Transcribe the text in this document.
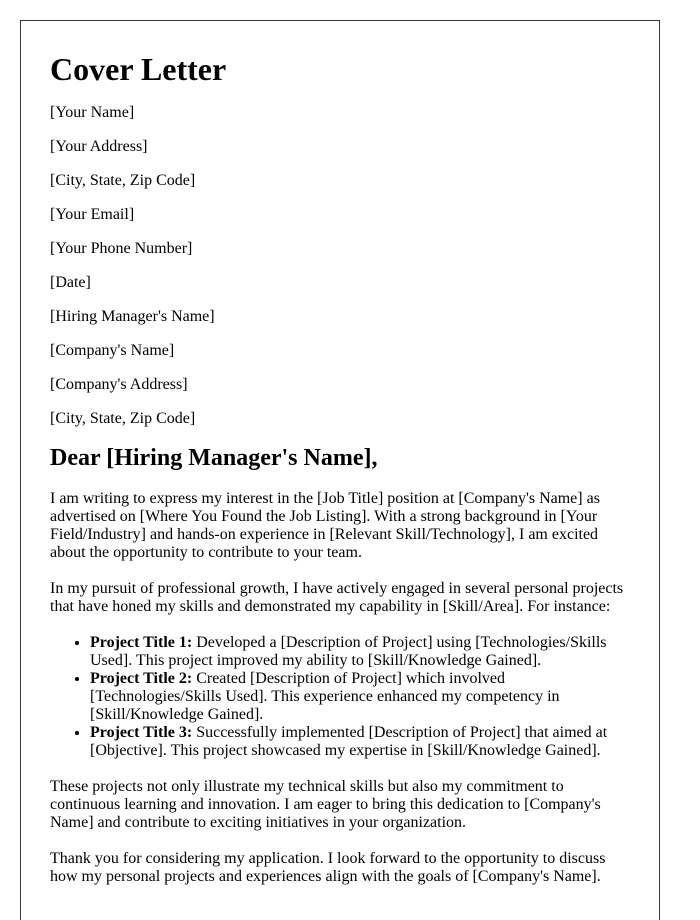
Cover Letter

[Your Name]

[Your Address]

[City, State, Zip Code]

[Your Email]

[Your Phone Number]

[Date]

[Hiring Manager's Name]

[Company's Name]

[Company's Address]

[City, State, Zip Code]

Dear [Hiring Manager's Name],

I am writing to express my interest in the [Job Title] position at [Company's Name] as advertised on [Where You Found the Job Listing]. With a strong background in [Your Field/Industry] and hands-on experience in [Relevant Skill/Technology], I am excited about the opportunity to contribute to your team.

In my pursuit of professional growth, I have actively engaged in several personal projects that have honed my skills and demonstrated my capability in [Skill/Area]. For instance:

• Project Title 1: Developed a [Description of Project] using [Technologies/Skills Used]. This project improved my ability to [Skill/Knowledge Gained].
• Project Title 2: Created [Description of Project] which involved [Technologies/Skills Used]. This experience enhanced my competency in [Skill/Knowledge Gained].
• Project Title 3: Successfully implemented [Description of Project] that aimed at [Objective]. This project showcased my expertise in [Skill/Knowledge Gained].

These projects not only illustrate my technical skills but also my commitment to continuous learning and innovation. I am eager to bring this dedication to [Company's Name] and contribute to exciting initiatives in your organization.

Thank you for considering my application. I look forward to the opportunity to discuss how my personal projects and experiences align with the goals of [Company's Name].
